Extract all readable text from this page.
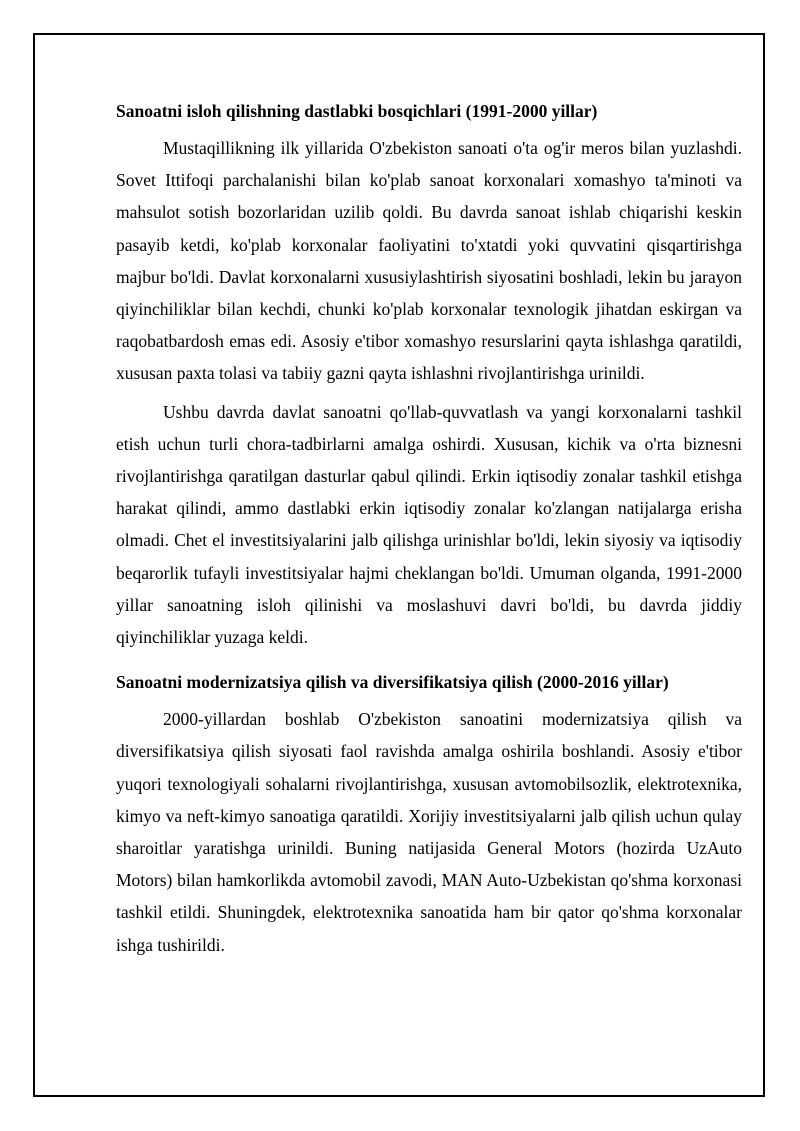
Sanoatni isloh qilishning dastlabki bosqichlari (1991-2000 yillar)

Mustaqillikning ilk yillarida O'zbekiston sanoati o'ta og'ir meros bilan yuzlashdi. Sovet Ittifoqi parchalanishi bilan ko'plab sanoat korxonalari xomashyo ta'minoti va mahsulot sotish bozorlaridan uzilib qoldi. Bu davrda sanoat ishlab chiqarishi keskin pasayib ketdi, ko'plab korxonalar faoliyatini to'xtatdi yoki quvvatini qisqartirishga majbur bo'ldi. Davlat korxonalarni xususiylashtirish siyosatini boshladi, lekin bu jarayon qiyinchiliklar bilan kechdi, chunki ko'plab korxonalar texnologik jihatdan eskirgan va raqobatbardosh emas edi. Asosiy e'tibor xomashyo resurslarini qayta ishlashga qaratildi, xususan paxta tolasi va tabiiy gazni qayta ishlashni rivojlantirishga urinildi.

Ushbu davrda davlat sanoatni qo'llab-quvvatlash va yangi korxonalarni tashkil etish uchun turli chora-tadbirlarni amalga oshirdi. Xususan, kichik va o'rta biznesni rivojlantirishga qaratilgan dasturlar qabul qilindi. Erkin iqtisodiy zonalar tashkil etishga harakat qilindi, ammo dastlabki erkin iqtisodiy zonalar ko'zlangan natijalarga erisha olmadi. Chet el investitsiyalarini jalb qilishga urinishlar bo'ldi, lekin siyosiy va iqtisodiy beqarorlik tufayli investitsiyalar hajmi cheklangan bo'ldi. Umuman olganda, 1991-2000 yillar sanoatning isloh qilinishi va moslashuvi davri bo'ldi, bu davrda jiddiy qiyinchiliklar yuzaga keldi.

Sanoatni modernizatsiya qilish va diversifikatsiya qilish (2000-2016 yillar)

2000-yillardan boshlab O'zbekiston sanoatini modernizatsiya qilish va diversifikatsiya qilish siyosati faol ravishda amalga oshirila boshlandi. Asosiy e'tibor yuqori texnologiyali sohalarni rivojlantirishga, xususan avtomobilsozlik, elektrotexnika, kimyo va neft-kimyo sanoatiga qaratildi. Xorijiy investitsiyalarni jalb qilish uchun qulay sharoitlar yaratishga urinildi. Buning natijasida General Motors (hozirda UzAuto Motors) bilan hamkorlikda avtomobil zavodi, MAN Auto-Uzbekistan qo'shma korxonasi tashkil etildi. Shuningdek, elektrotexnika sanoatida ham bir qator qo'shma korxonalar ishga tushirildi.
